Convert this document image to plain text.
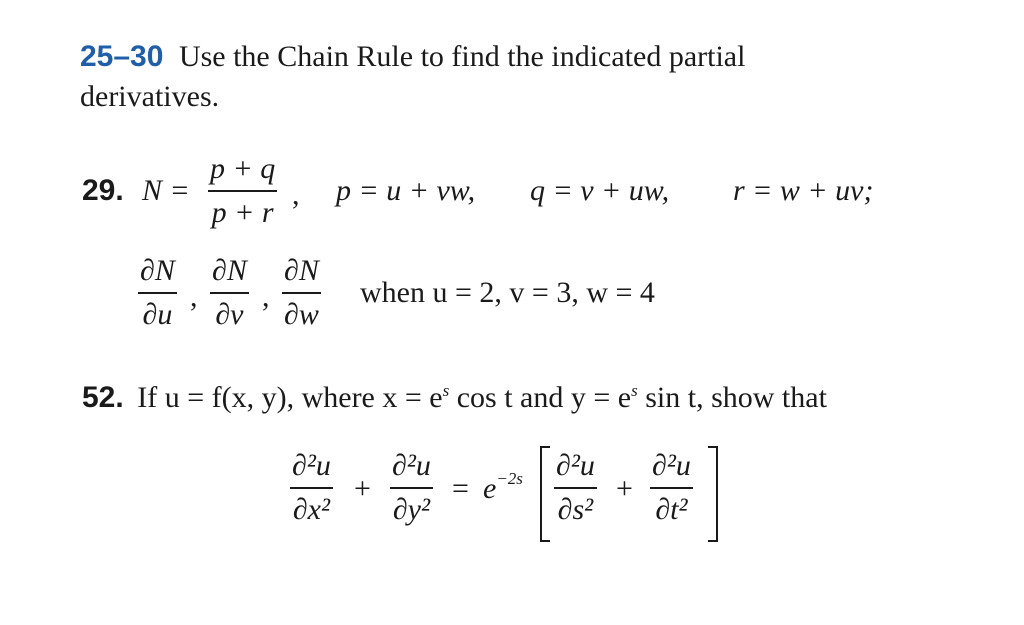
25–30 Use the Chain Rule to find the indicated partial
derivatives.
29. N =
p + q
p + r
, p = u + vw, q = v + uw, r = w + uv;
∂N
∂u
,
∂N
∂v
,
∂N
∂w
when u = 2, v = 3, w = 4
52. If u = f(x, y), where $x = e^s$ cos t and $y = e^s$ sin t, show that
∂²u
∂x²
+
∂²u
∂y²
= $e^{-2s}$ ∂²u
∂s²
+
∂²u
∂t²
